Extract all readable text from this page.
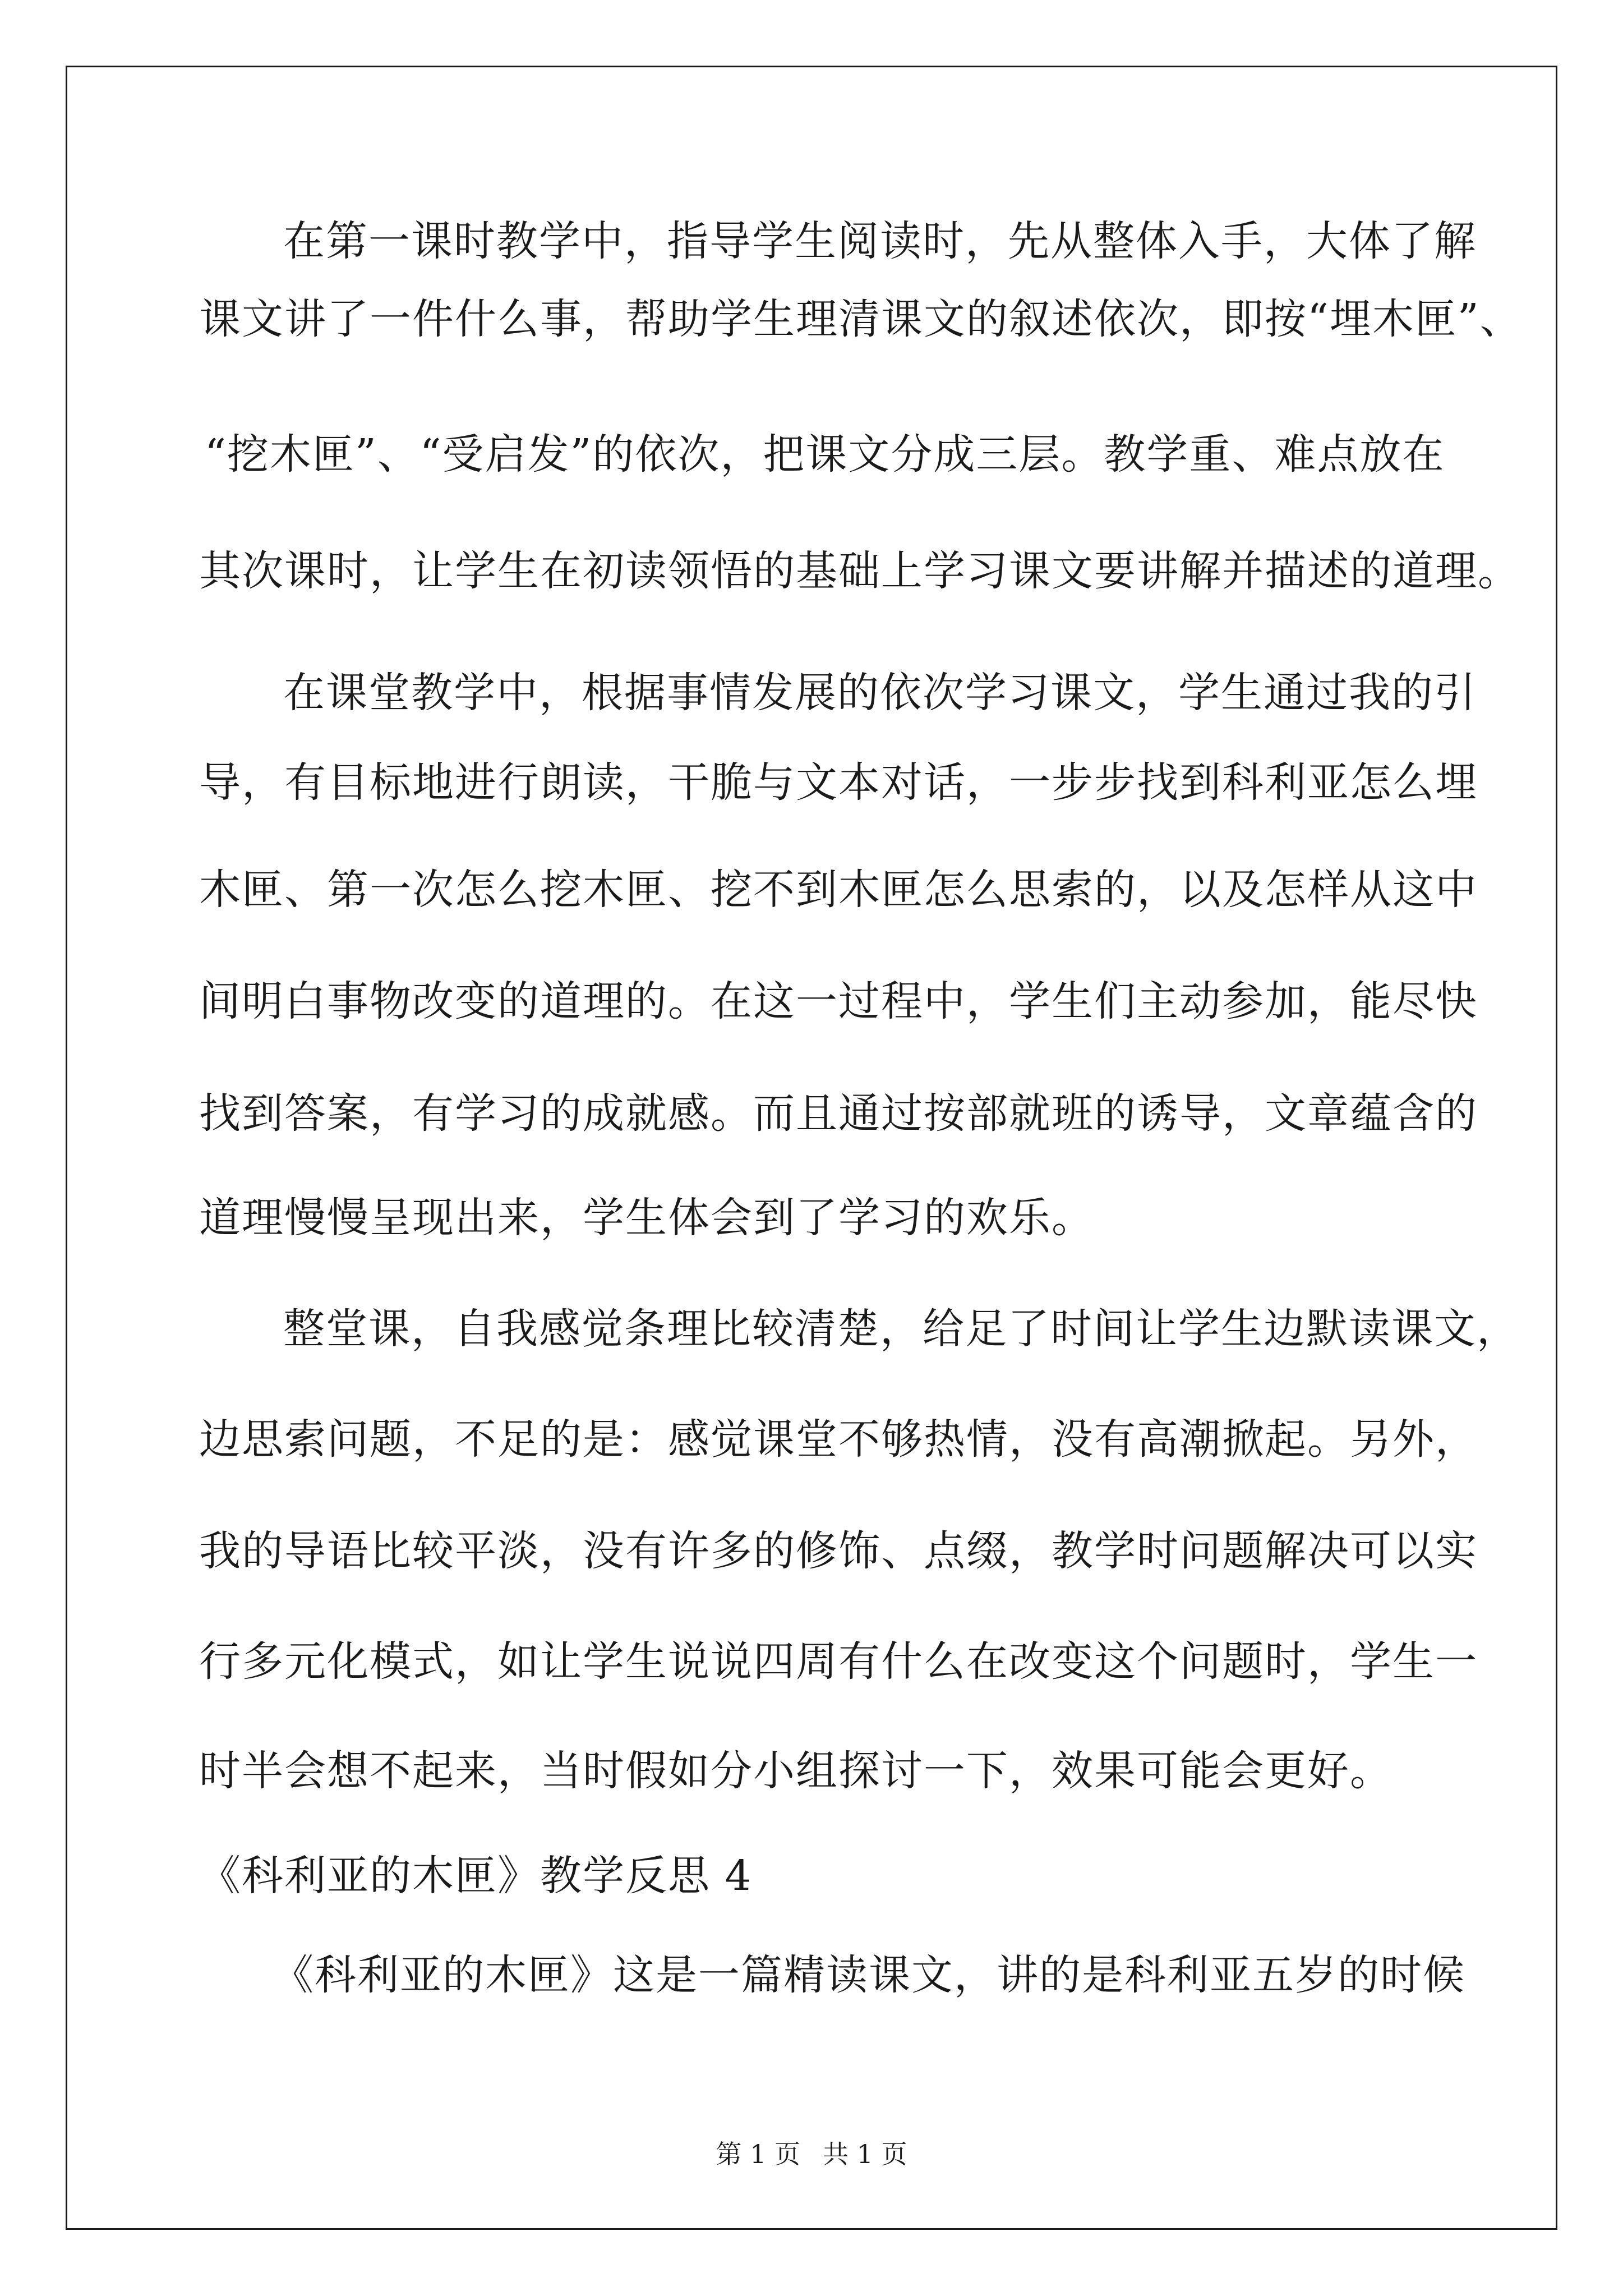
在第一课时教学中，指导学生阅读时，先从整体入手，大体了解
课文讲了一件什么事，帮助学生理清课文的叙述依次，即按“埋木匣”、
“挖木匣”、“受启发”的依次，把课文分成三层。教学重、难点放在
其次课时，让学生在初读领悟的基础上学习课文要讲解并描述的道理。
在课堂教学中，根据事情发展的依次学习课文，学生通过我的引
导，有目标地进行朗读，干脆与文本对话，一步步找到科利亚怎么埋
木匣、第一次怎么挖木匣、挖不到木匣怎么思索的，以及怎样从这中
间明白事物改变的道理的。在这一过程中，学生们主动参加，能尽快
找到答案，有学习的成就感。而且通过按部就班的诱导，文章蕴含的
道理慢慢呈现出来，学生体会到了学习的欢乐。
整堂课，自我感觉条理比较清楚，给足了时间让学生边默读课文，
边思索问题，不足的是：感觉课堂不够热情，没有高潮掀起。另外，
我的导语比较平淡，没有许多的修饰、点缀，教学时问题解决可以实
行多元化模式，如让学生说说四周有什么在改变这个问题时，学生一
时半会想不起来，当时假如分小组探讨一下，效果可能会更好。
《科利亚的木匣》教学反思 4
《科利亚的木匣》这是一篇精读课文，讲的是科利亚五岁的时候
第 1 页 共 1 页
